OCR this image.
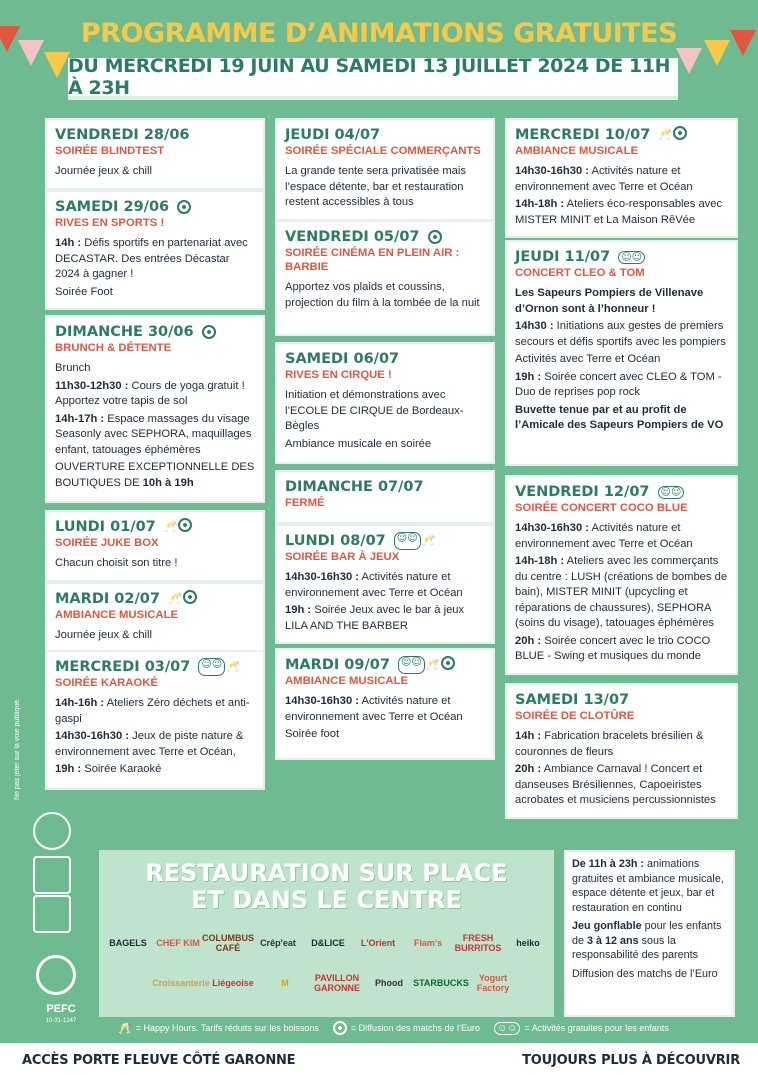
PROGRAMME D’ANIMATIONS GRATUITES
DU MERCREDI 19 JUIN AU SAMEDI 13 JUILLET 2024 DE 11H À 23H
VENDREDI 28/06
SOIRÉE BLINDTEST
Journée jeux & chill
SAMEDI 29/06
RIVES EN SPORTS !
14h : Défis sportifs en partenariat avec DECASTAR. Des entrées Décastar 2024 à gagner !
Soirée Foot
DIMANCHE 30/06
BRUNCH & DÉTENTE
Brunch
11h30-12h30 : Cours de yoga gratuit ! Apportez votre tapis de sol
14h-17h : Espace massages du visage Seasonly avec SEPHORA, maquillages enfant, tatouages éphémères
OUVERTURE EXCEPTIONNELLE DES BOUTIQUES DE 10h à 19h
LUNDI 01/07 🥂
SOIRÉE JUKE BOX
Chacun choisit son titre !
MARDI 02/07 🥂
AMBIANCE MUSICALE
Journée jeux & chill
MERCREDI 03/07	☺☺ 🥂
SOIRÉE KARAOKÉ
14h-16h : Ateliers Zéro déchets et anti-gaspi
14h30-16h30 : Jeux de piste nature & environnement avec Terre et Océan,
19h : Soirée Karaoké
JEUDI 04/07
SOIRÉE SPÉCIALE COMMERÇANTS
La grande tente sera privatisée mais l’espace détente, bar et restauration restent accessibles à tous
VENDREDI 05/07
SOIRÉE CINÉMA EN PLEIN AIR : BARBIE
Apportez vos plaids et coussins, projection du film à la tombée de la nuit
SAMEDI 06/07
RIVES EN CIRQUE !
Initiation et démonstrations avec l’ECOLE DE CIRQUE de Bordeaux-Bègles
Ambiance musicale en soirée
DIMANCHE 07/07
FERMÉ
LUNDI 08/07	☺☺ 🥂
SOIRÉE BAR À JEUX
14h30-16h30 : Activités nature et environnement avec Terre et Océan
19h : Soirée Jeux avec le bar à jeux LILA AND THE BARBER
MARDI 09/07	☺☺ 🥂
AMBIANCE MUSICALE
14h30-16h30 : Activités nature et environnement avec Terre et Océan
Soirée foot
MERCREDI 10/07 🥂
AMBIANCE MUSICALE
14h30-16h30 : Activités nature et environnement avec Terre et Océan
14h-18h : Ateliers éco-responsables avec MISTER MINIT et La Maison RêVée
JEUDI 11/07	☺☺
CONCERT CLEO & TOM
Les Sapeurs Pompiers de Villenave d’Ornon sont à l’honneur !
14h30 : Initiations aux gestes de premiers secours et défis sportifs avec les pompiers
Activités avec Terre et Océan
19h : Soirée concert avec CLEO & TOM - Duo de reprises pop rock
Buvette tenue par et au profit de l’Amicale des Sapeurs Pompiers de VO
VENDREDI 12/07	☺☺
SOIRÉE CONCERT COCO BLUE
14h30-16h30 : Activités nature et environnement avec Terre et Océan
14h-18h : Ateliers avec les commerçants du centre : LUSH (créations de bombes de bain), MISTER MINIT (upcycling et réparations de chaussures), SEPHORA (soins du visage), tatouages éphémères
20h : Soirée concert avec le trio COCO BLUE - Swing et musiques du monde
SAMEDI 13/07
SOIRÉE DE CLOTÛRE
14h : Fabrication bracelets brésilien & couronnes de fleurs
20h : Ambiance Carnaval ! Concert et danseuses Brésiliennes, Capoeiristes acrobates et musiciens percussionnistes
Ne pas jeter sur la voie publique.
PEFC
10-31-1247
RESTAURATION SUR PLACE
ET DANS LE CENTRE
BAGELS	CHEF KIM COLUMBUS CAFÉ	Crêp'eat	D&LICE	L'Orient	Flam's	FRESH BURRITOS	heiko
Croissanterie Liégeoise	M	PAVILLON GARONNE	Phood	STARBUCKS	Yogurt Factory
De 11h à 23h : animations gratuites et ambiance musicale, espace détente et jeux, bar et restauration en continu
Jeu gonflable pour les enfants de 3 à 12 ans sous la responsabilité des parents
Diffusion des matchs de l’Euro
🥂 = Happy Hours. Tarifs réduits sur les boissons	= Diffusion des matchs de l’Euro	☺☺ = Activités gratuites pour les enfants
ACCÈS PORTE FLEUVE CÔTÉ GARONNE	TOUJOURS PLUS À DÉCOUVRIR
